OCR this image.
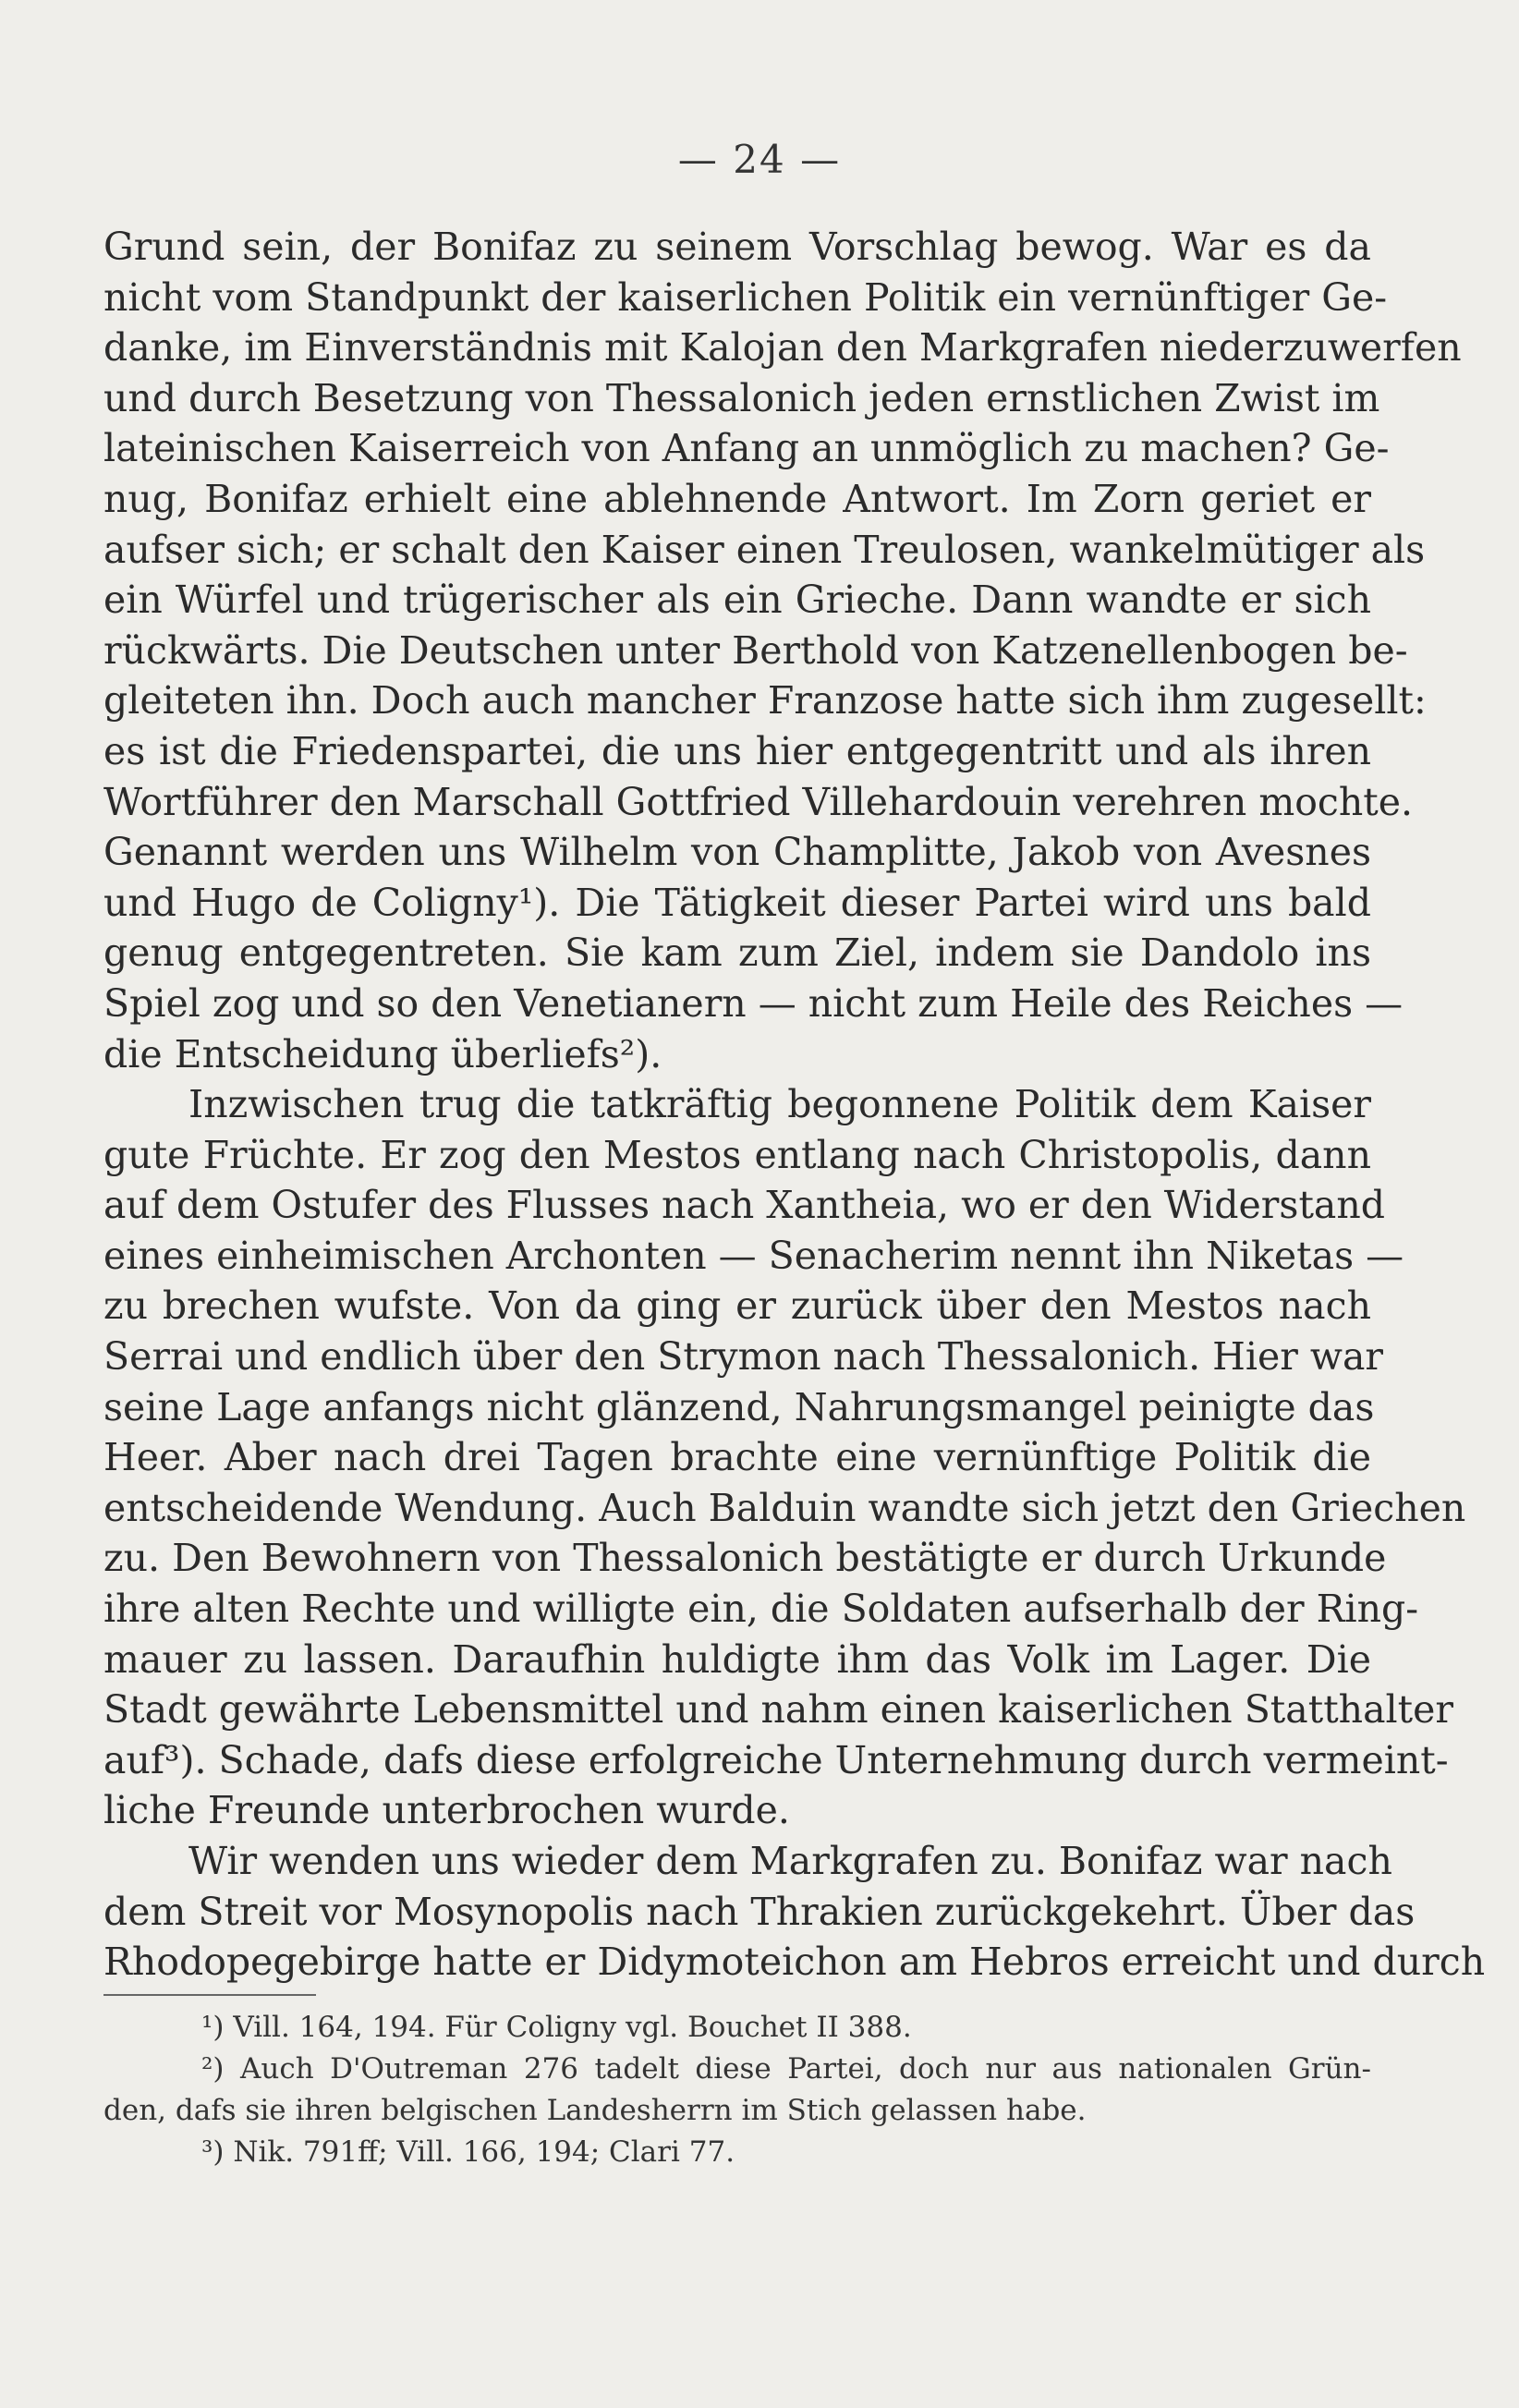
— 24 —
Grund sein, der Bonifaz zu seinem Vorschlag bewog. War es da
nicht vom Standpunkt der kaiserlichen Politik ein vernünftiger Ge-
danke, im Einverständnis mit Kalojan den Markgrafen niederzuwerfen
und durch Besetzung von Thessalonich jeden ernstlichen Zwist im
lateinischen Kaiserreich von Anfang an unmöglich zu machen? Ge-
nug, Bonifaz erhielt eine ablehnende Antwort. Im Zorn geriet er
aufser sich; er schalt den Kaiser einen Treulosen, wankelmütiger als
ein Würfel und trügerischer als ein Grieche. Dann wandte er sich
rückwärts. Die Deutschen unter Berthold von Katzenellenbogen be-
gleiteten ihn. Doch auch mancher Franzose hatte sich ihm zugesellt:
es ist die Friedenspartei, die uns hier entgegentritt und als ihren
Wortführer den Marschall Gottfried Villehardouin verehren mochte.
Genannt werden uns Wilhelm von Champlitte, Jakob von Avesnes
und Hugo de Coligny¹). Die Tätigkeit dieser Partei wird uns bald
genug entgegentreten. Sie kam zum Ziel, indem sie Dandolo ins
Spiel zog und so den Venetianern — nicht zum Heile des Reiches —
die Entscheidung überliefs²).
Inzwischen trug die tatkräftig begonnene Politik dem Kaiser
gute Früchte. Er zog den Mestos entlang nach Christopolis, dann
auf dem Ostufer des Flusses nach Xantheia, wo er den Widerstand
eines einheimischen Archonten — Senacherim nennt ihn Niketas —
zu brechen wufste. Von da ging er zurück über den Mestos nach
Serrai und endlich über den Strymon nach Thessalonich. Hier war
seine Lage anfangs nicht glänzend, Nahrungsmangel peinigte das
Heer. Aber nach drei Tagen brachte eine vernünftige Politik die
entscheidende Wendung. Auch Balduin wandte sich jetzt den Griechen
zu. Den Bewohnern von Thessalonich bestätigte er durch Urkunde
ihre alten Rechte und willigte ein, die Soldaten aufserhalb der Ring-
mauer zu lassen. Daraufhin huldigte ihm das Volk im Lager. Die
Stadt gewährte Lebensmittel und nahm einen kaiserlichen Statthalter
auf³). Schade, dafs diese erfolgreiche Unternehmung durch vermeint-
liche Freunde unterbrochen wurde.
Wir wenden uns wieder dem Markgrafen zu. Bonifaz war nach
dem Streit vor Mosynopolis nach Thrakien zurückgekehrt. Über das
Rhodopegebirge hatte er Didymoteichon am Hebros erreicht und durch
¹) Vill. 164, 194. Für Coligny vgl. Bouchet II 388.
²) Auch D'Outreman 276 tadelt diese Partei, doch nur aus nationalen Grün-
den, dafs sie ihren belgischen Landesherrn im Stich gelassen habe.
³) Nik. 791ff; Vill. 166, 194; Clari 77.
